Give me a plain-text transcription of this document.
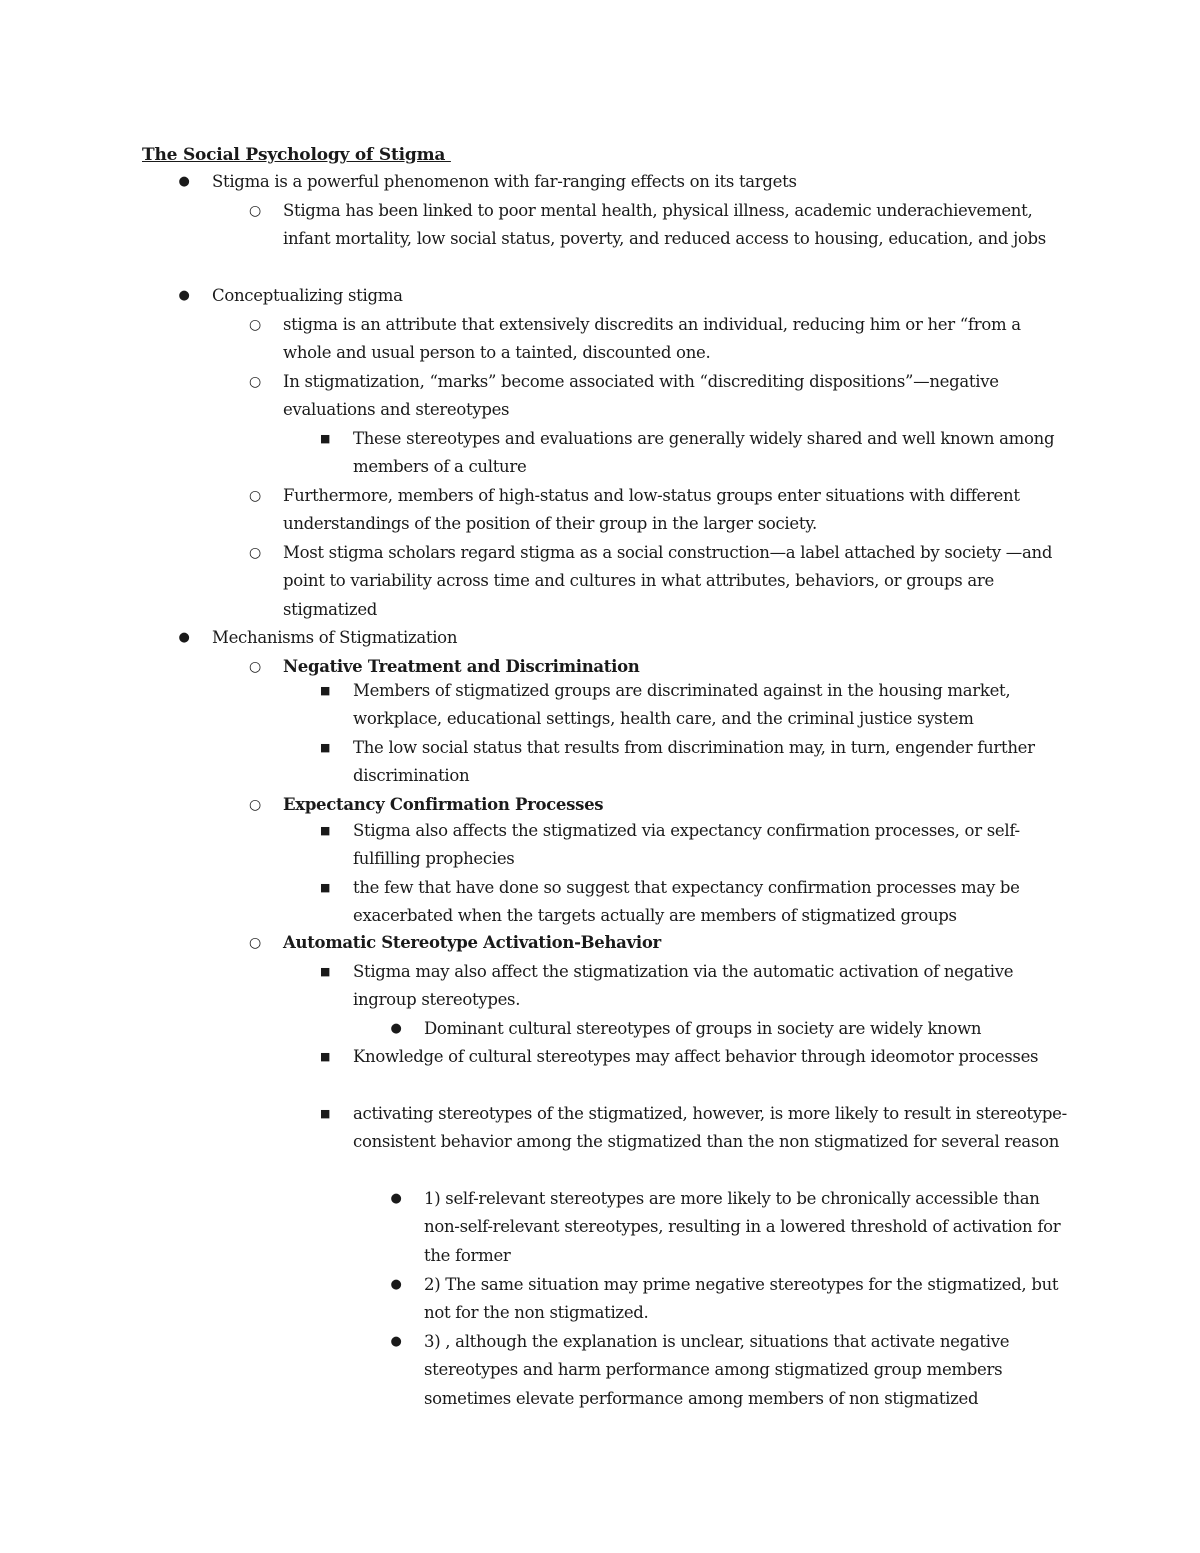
The Social Psychology of Stigma
●
Stigma is a powerful phenomenon with far-ranging effects on its targets
○
Stigma has been linked to poor mental health, physical illness, academic underachievement, infant mortality, low social status, poverty, and reduced access to housing, education, and jobs
●
Conceptualizing stigma
○
stigma is an attribute that extensively discredits an individual, reducing him or her “from a whole and usual person to a tainted, discounted one.
○
In stigmatization, “marks” become associated with “discrediting dispositions”—negative evaluations and stereotypes
■
These stereotypes and evaluations are generally widely shared and well known among members of a culture
○
Furthermore, members of high-status and low-status groups enter situations with different understandings of the position of their group in the larger society.
○
Most stigma scholars regard stigma as a social construction—a label attached by society —and point to variability across time and cultures in what attributes, behaviors, or groups are stigmatized
●
Mechanisms of Stigmatization
○
Negative Treatment and Discrimination
■
Members of stigmatized groups are discriminated against in the housing market, workplace, educational settings, health care, and the criminal justice system
■
The low social status that results from discrimination may, in turn, engender further discrimination
○
Expectancy Confirmation Processes
■
Stigma also affects the stigmatized via expectancy confirmation processes, or self-fulfilling prophecies
■
the few that have done so suggest that expectancy confirmation processes may be exacerbated when the targets actually are members of stigmatized groups
○
Automatic Stereotype Activation-Behavior
■
Stigma may also affect the stigmatization via the automatic activation of negative ingroup stereotypes.
●
Dominant cultural stereotypes of groups in society are widely known
■
Knowledge of cultural stereotypes may affect behavior through ideomotor processes
■
activating stereotypes of the stigmatized, however, is more likely to result in stereotype-consistent behavior among the stigmatized than the non stigmatized for several reason
●
1) self-relevant stereotypes are more likely to be chronically accessible than non-self-relevant stereotypes, resulting in a lowered threshold of activation for the former
●
2) The same situation may prime negative stereotypes for the stigmatized, but not for the non stigmatized.
●
3) , although the explanation is unclear, situations that activate negative stereotypes and harm performance among stigmatized group members sometimes elevate performance among members of non stigmatized
